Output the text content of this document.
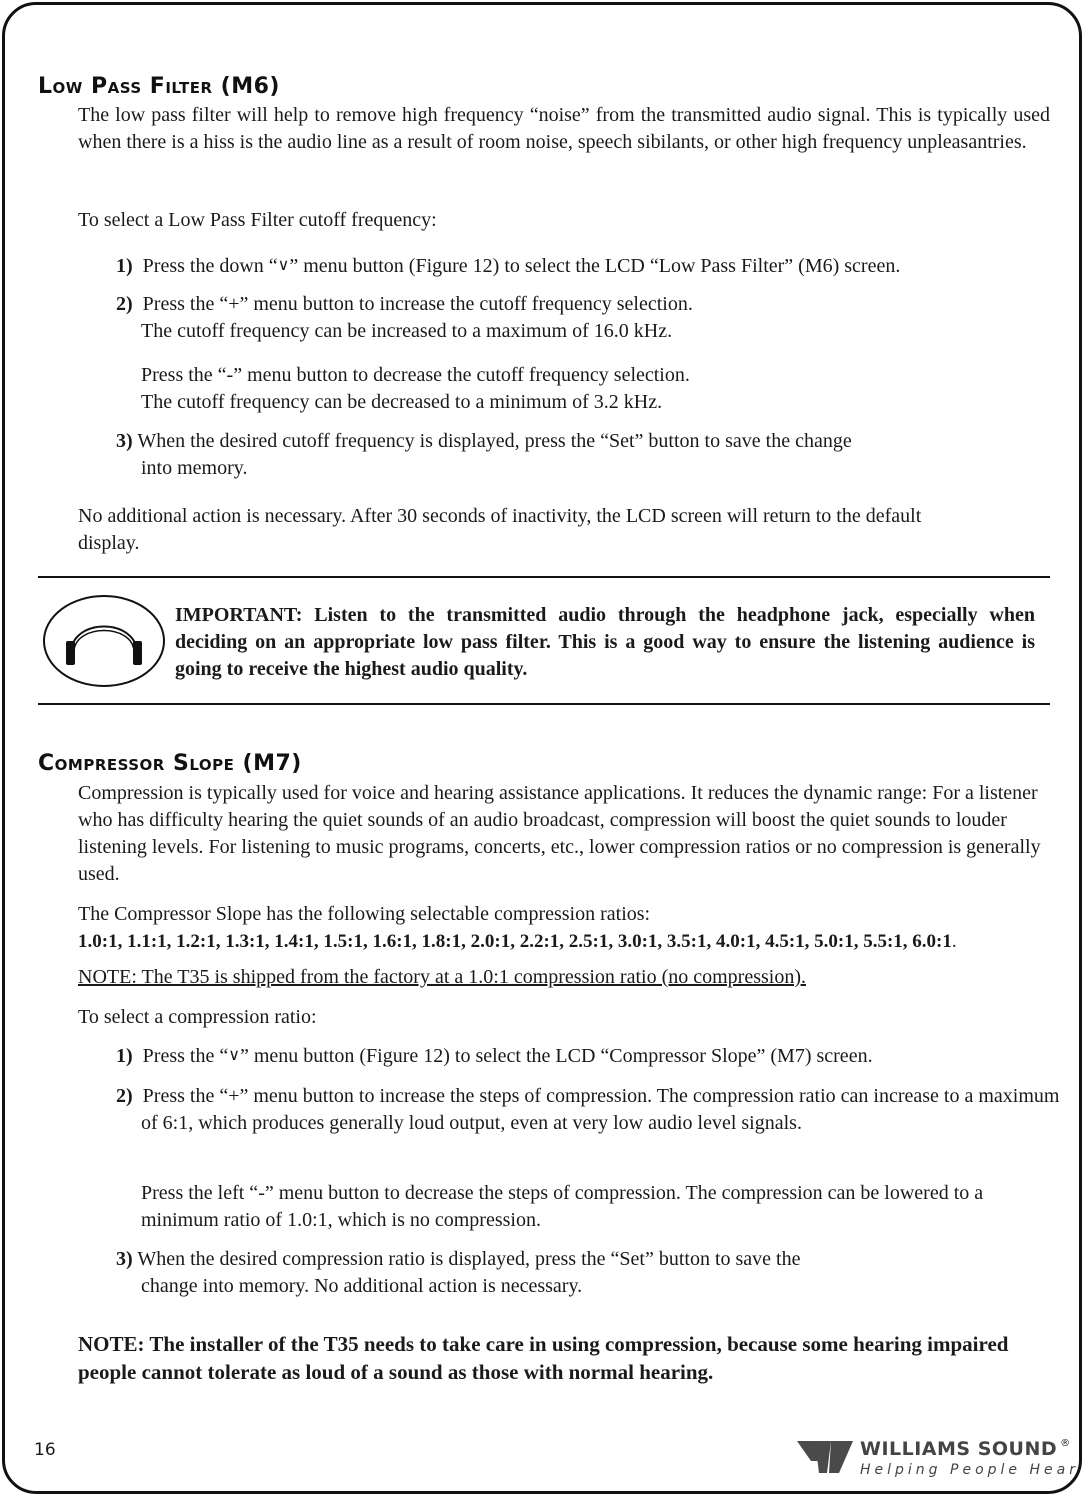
Low Pass Filter (M6)

The low pass filter will help to remove high frequency “noise” from the transmitted audio signal. This is typically used when there is a hiss is the audio line as a result of room noise, speech sibilants, or other high frequency unpleasantries.

To select a Low Pass Filter cutoff frequency:

1) Press the down “∨” menu button (Figure 12) to select the LCD “Low Pass Filter” (M6) screen.

2) Press the “+” menu button to increase the cutoff frequency selection.

The cutoff frequency can be increased to a maximum of 16.0 kHz.

Press the “-” menu button to decrease the cutoff frequency selection.

The cutoff frequency can be decreased to a minimum of 3.2 kHz.

3) When the desired cutoff frequency is displayed, press the “Set” button to save the change

into memory.

No additional action is necessary. After 30 seconds of inactivity, the LCD screen will return to the default display.

IMPORTANT: Listen to the transmitted audio through the headphone jack, especially when deciding on an appropriate low pass filter. This is a good way to ensure the listening audience is going to receive the highest audio quality.

Compressor Slope (M7)

Compression is typically used for voice and hearing assistance applications. It reduces the dynamic range: For a listener who has difficulty hearing the quiet sounds of an audio broadcast, compression will boost the quiet sounds to louder listening levels. For listening to music programs, concerts, etc., lower compression ratios or no compression is generally used.

The Compressor Slope has the following selectable compression ratios:

1.0:1, 1.1:1, 1.2:1, 1.3:1, 1.4:1, 1.5:1, 1.6:1, 1.8:1, 2.0:1, 2.2:1, 2.5:1, 3.0:1, 3.5:1, 4.0:1, 4.5:1, 5.0:1, 5.5:1, 6.0:1.

NOTE: The T35 is shipped from the factory at a 1.0:1 compression ratio (no compression).

To select a compression ratio:

1) Press the “∨” menu button (Figure 12) to select the LCD “Compressor Slope” (M7) screen.

2) Press the “+” menu button to increase the steps of compression. The compression ratio can increase to a maximum of 6:1, which produces generally loud output, even at very low audio level signals.

Press the left “-” menu button to decrease the steps of compression. The compression can be lowered to a minimum ratio of 1.0:1, which is no compression.

3) When the desired compression ratio is displayed, press the “Set” button to save the

change into memory. No additional action is necessary.

NOTE: The installer of the T35 needs to take care in using compression, because some hearing impaired people cannot tolerate as loud of a sound as those with normal hearing.

16	WILLIAMS SOUND ®
Helping People Hear
